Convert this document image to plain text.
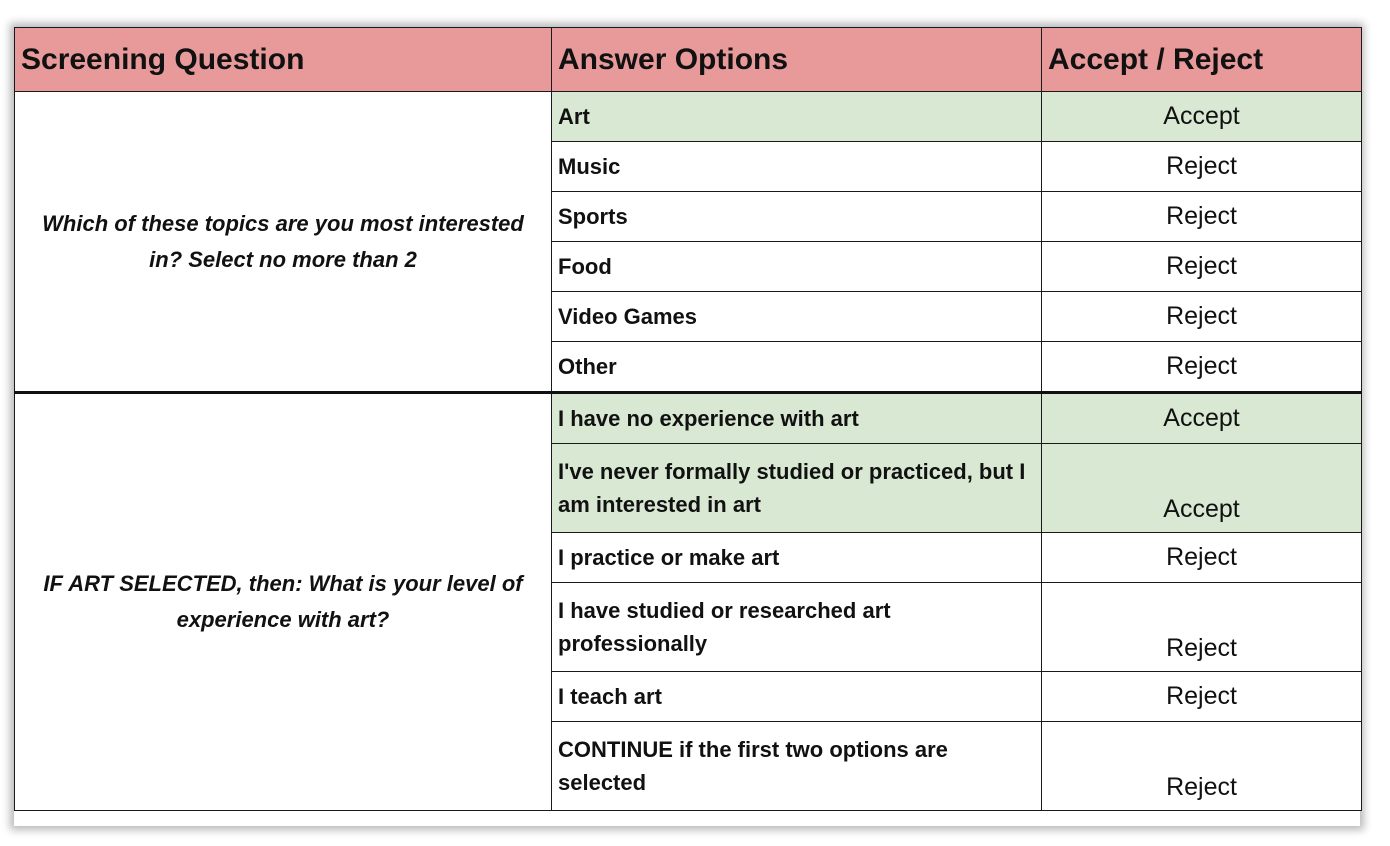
Screening Question	Answer Options	Accept / Reject
Which of these topics are you most interested in? Select no more than 2	Art	Accept
	Music	Reject
	Sports	Reject
	Food	Reject
	Video Games	Reject
	Other	Reject
IF ART SELECTED, then: What is your level of experience with art?	I have no experience with art	Accept
	I've never formally studied or practiced, but I am interested in art	Accept
	I practice or make art	Reject
	I have studied or researched art professionally	Reject
	I teach art	Reject
	CONTINUE if the first two options are selected	Reject
